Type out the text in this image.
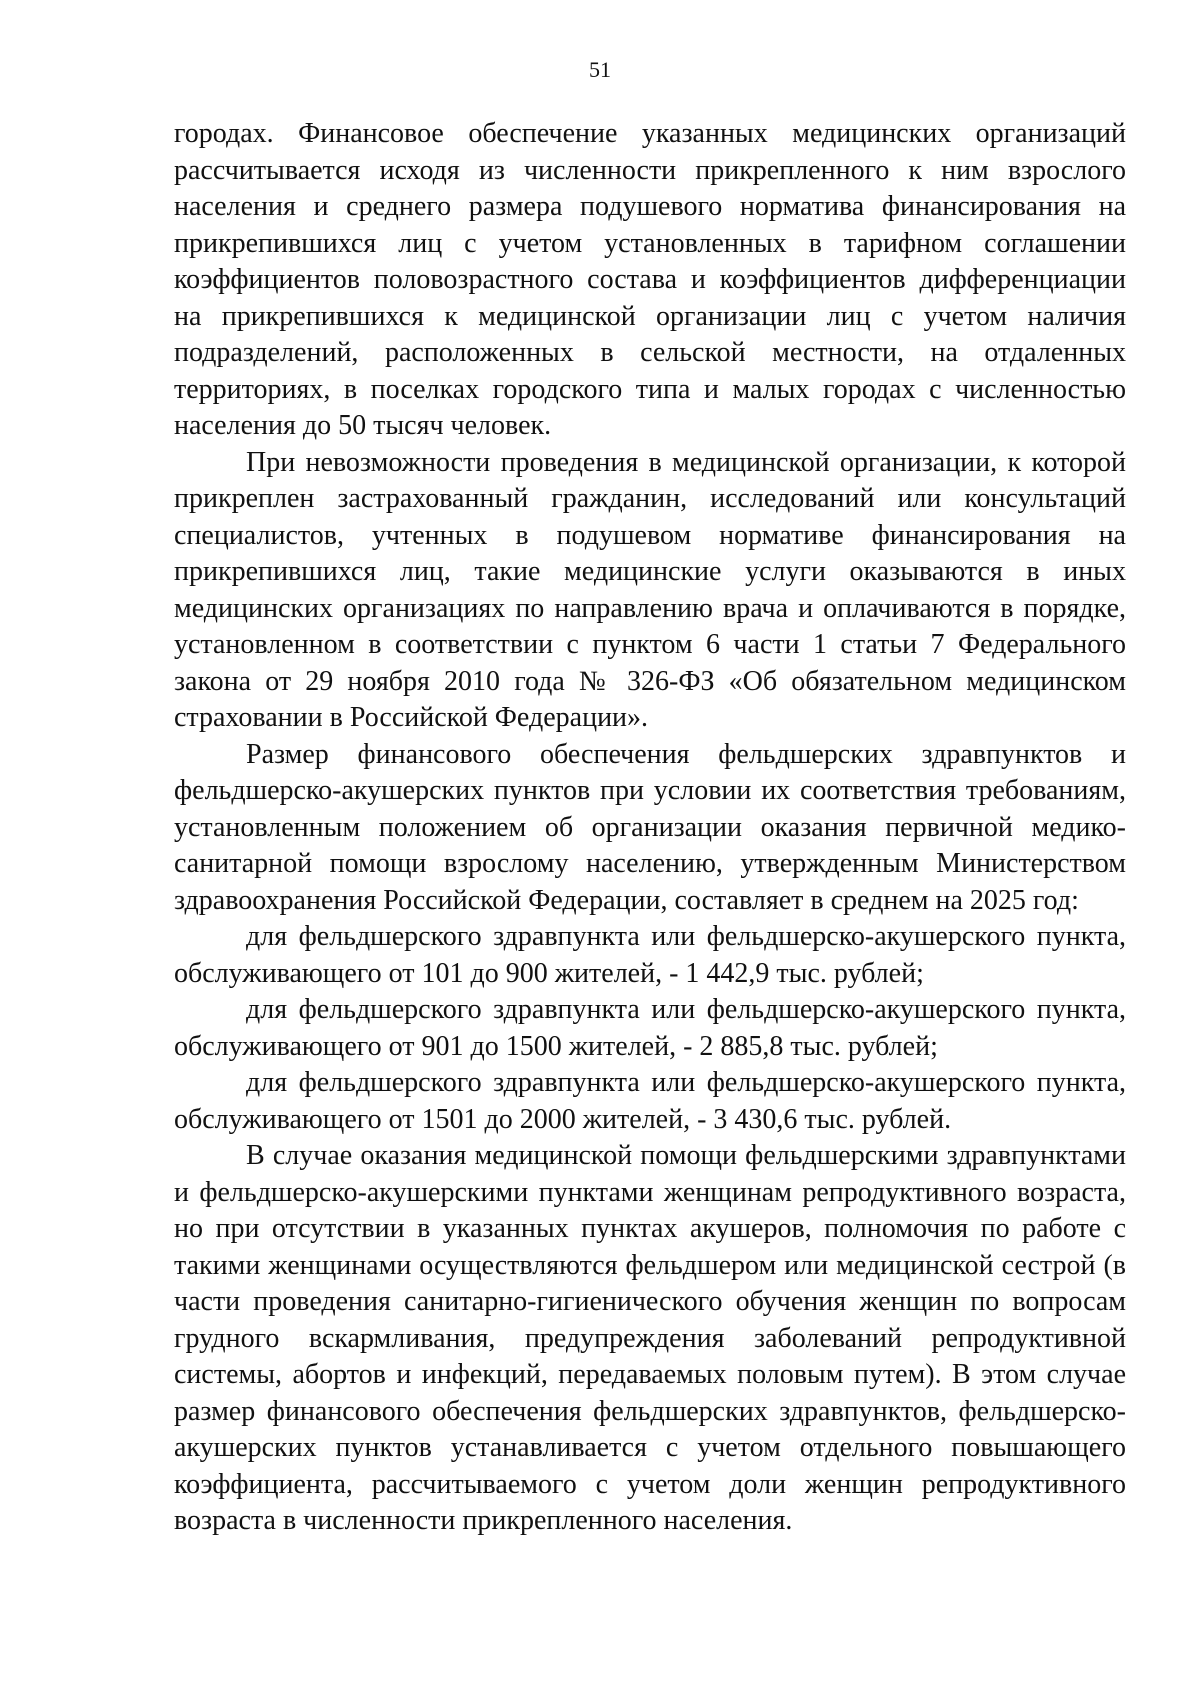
51

городах. Финансовое обеспечение указанных медицинских организаций рассчитывается исходя из численности прикрепленного к ним взрослого населения и среднего размера подушевого норматива финансирования на прикрепившихся лиц с учетом установленных в тарифном соглашении коэффициентов половозрастного состава и коэффициентов дифференциации на прикрепившихся к медицинской организации лиц с учетом наличия подразделений, расположенных в сельской местности, на отдаленных территориях, в поселках городского типа и малых городах с численностью населения до 50 тысяч человек.

При невозможности проведения в медицинской организации, к которой прикреплен застрахованный гражданин, исследований или консультаций специалистов, учтенных в подушевом нормативе финансирования на прикрепившихся лиц, такие медицинские услуги оказываются в иных медицинских организациях по направлению врача и оплачиваются в порядке, установленном в соответствии с пунктом 6 части 1 статьи 7 Федерального закона от 29 ноября 2010 года № 326-ФЗ «Об обязательном медицинском страховании в Российской Федерации».

Размер финансового обеспечения фельдшерских здравпунктов и фельдшерско-акушерских пунктов при условии их соответствия требованиям, установленным положением об организации оказания первичной медико-санитарной помощи взрослому населению, утвержденным Министерством здравоохранения Российской Федерации, составляет в среднем на 2025 год:

для фельдшерского здравпункта или фельдшерско-акушерского пункта, обслуживающего от 101 до 900 жителей, - 1 442,9 тыс. рублей;

для фельдшерского здравпункта или фельдшерско-акушерского пункта, обслуживающего от 901 до 1500 жителей, - 2 885,8 тыс. рублей;

для фельдшерского здравпункта или фельдшерско-акушерского пункта, обслуживающего от 1501 до 2000 жителей, - 3 430,6 тыс. рублей.

В случае оказания медицинской помощи фельдшерскими здравпунктами и фельдшерско-акушерскими пунктами женщинам репродуктивного возраста, но при отсутствии в указанных пунктах акушеров, полномочия по работе с такими женщинами осуществляются фельдшером или медицинской сестрой (в части проведения санитарно-гигиенического обучения женщин по вопросам грудного вскармливания, предупреждения заболеваний репродуктивной системы, абортов и инфекций, передаваемых половым путем). В этом случае размер финансового обеспечения фельдшерских здравпунктов, фельдшерско-акушерских пунктов устанавливается с учетом отдельного повышающего коэффициента, рассчитываемого с учетом доли женщин репродуктивного возраста в численности прикрепленного населения.
